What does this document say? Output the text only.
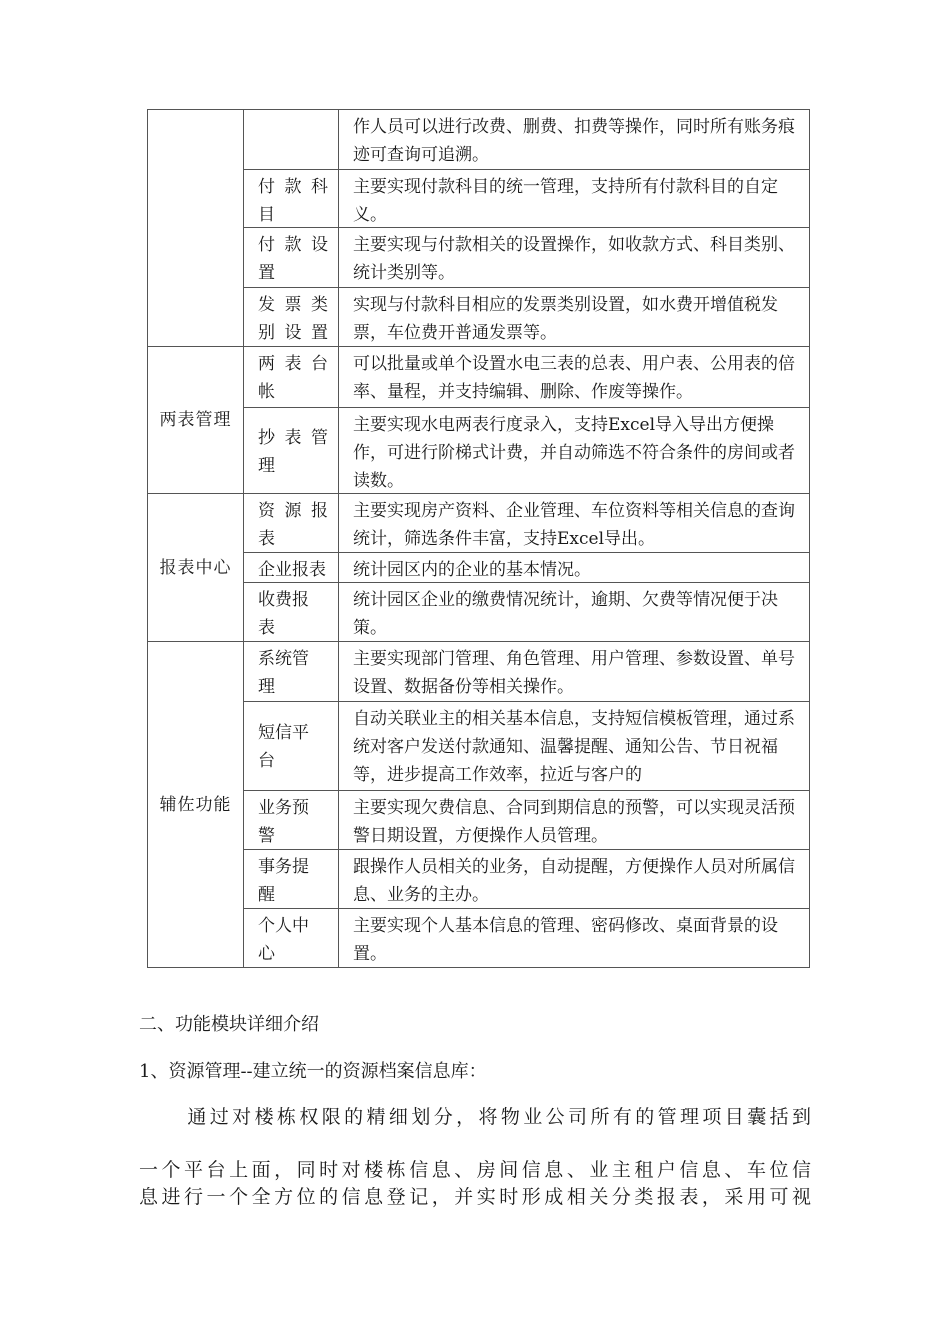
		作人员可以进行改费、删费、扣费等操作，同时所有账务痕迹可查询可追溯。

	付 款 科 目	主要实现付款科目的统一管理，支持所有付款科目的自定义。

	付 款 设 置	主要实现与付款相关的设置操作，如收款方式、科目类别、统计类别等。

	发 票 类 别设置	实现与付款科目相应的发票类别设置，如水费开增值税发票，车位费开普通发票等。

两表管理	两 表 台 帐	可以批量或单个设置水电三表的总表、用户表、公用表的倍率、量程，并支持编辑、删除、作废等操作。

	抄 表 管 理	主要实现水电两表行度录入，支持Excel导入导出方便操作，可进行阶梯式计费，并自动筛选不符合条件的房间或者读数。

报表中心	资 源 报 表	主要实现房产资料、企业管理、车位资料等相关信息的查询统计，筛选条件丰富，支持Excel导出。

	企业报表	统计园区内的企业的基本情况。

	收费报表	统计园区企业的缴费情况统计，逾期、欠费等情况便于决策。

辅佐功能	系统管理	主要实现部门管理、角色管理、用户管理、参数设置、单号设置、数据备份等相关操作。

	短信平台	自动关联业主的相关基本信息，支持短信模板管理，通过系统对客户发送付款通知、温馨提醒、通知公告、节日祝福等，进步提高工作效率，拉近与客户的

	业务预警	主要实现欠费信息、合同到期信息的预警，可以实现灵活预警日期设置，方便操作人员管理。

	事务提醒	跟操作人员相关的业务，自动提醒，方便操作人员对所属信息、业务的主办。

	个人中心	主要实现个人基本信息的管理、密码修改、桌面背景的设置。
二、功能模块详细介绍
1、资源管理--建立统一的资源档案信息库：
通过对楼栋权限的精细划分，将物业公司所有的管理项目囊括到
一个平台上面，同时对楼栋信息、房间信息、业主租户信息、车位信
息进行一个全方位的信息登记，并实时形成相关分类报表，采用可视
